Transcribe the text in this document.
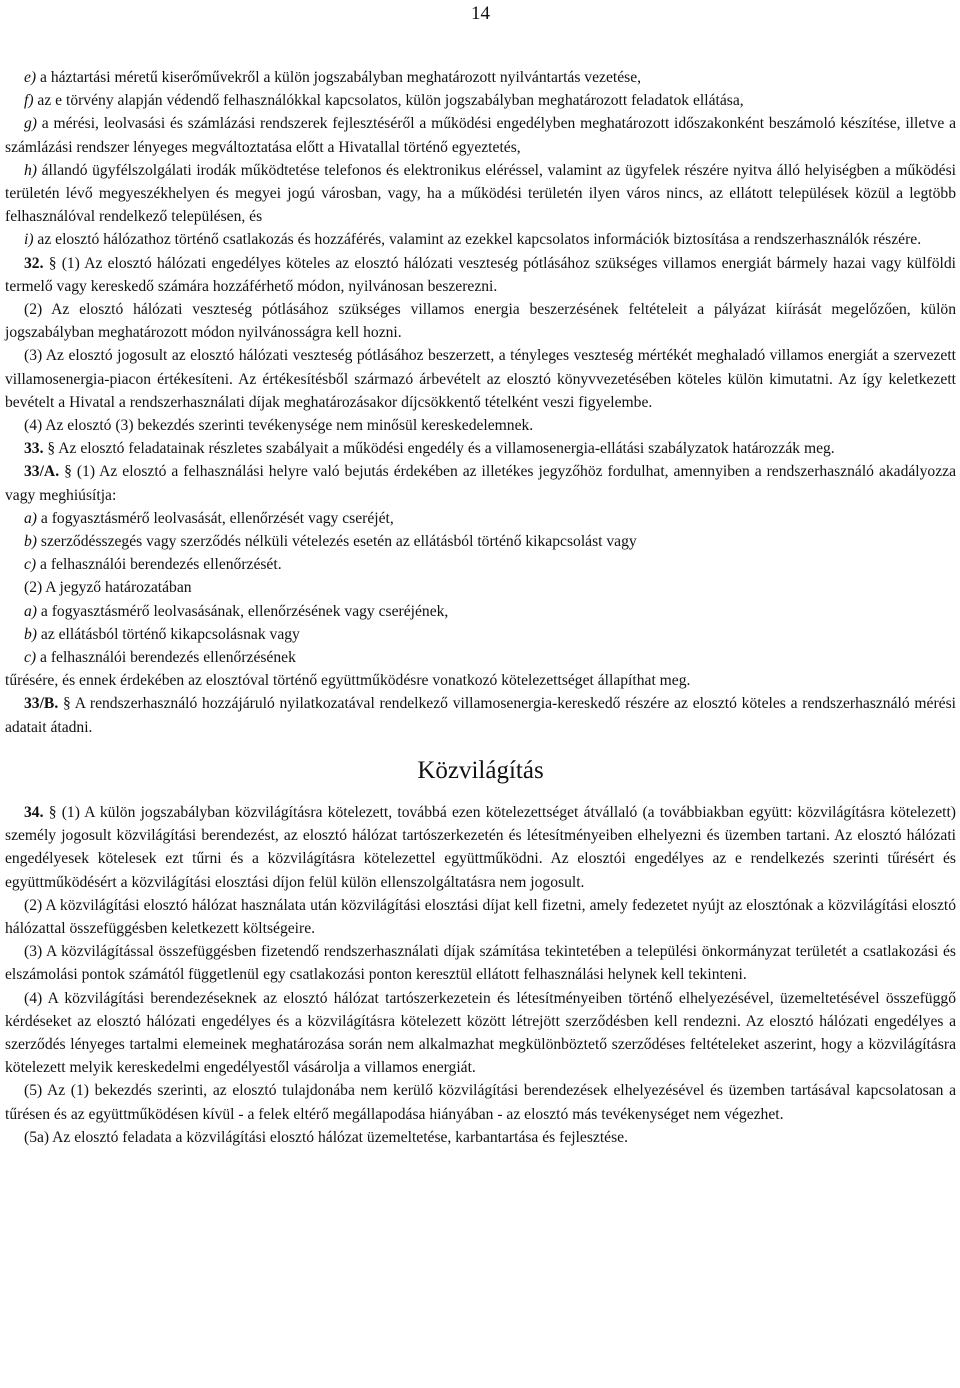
14

e) a háztartási méretű kiserőművekről a külön jogszabályban meghatározott nyilvántartás vezetése,

f) az e törvény alapján védendő felhasználókkal kapcsolatos, külön jogszabályban meghatározott feladatok ellátása,

g) a mérési, leolvasási és számlázási rendszerek fejlesztéséről a működési engedélyben meghatározott időszakonként beszámoló készítése, illetve a számlázási rendszer lényeges megváltoztatása előtt a Hivatallal történő egyeztetés,

h) állandó ügyfélszolgálati irodák működtetése telefonos és elektronikus eléréssel, valamint az ügyfelek részére nyitva álló helyiségben a működési területén lévő megyeszékhelyen és megyei jogú városban, vagy, ha a működési területén ilyen város nincs, az ellátott települések közül a legtöbb felhasználóval rendelkező településen, és

i) az elosztó hálózathoz történő csatlakozás és hozzáférés, valamint az ezekkel kapcsolatos információk biztosítása a rendszerhasználók részére.

32. § (1) Az elosztó hálózati engedélyes köteles az elosztó hálózati veszteség pótlásához szükséges villamos energiát bármely hazai vagy külföldi termelő vagy kereskedő számára hozzáférhető módon, nyilvánosan beszerezni.

(2) Az elosztó hálózati veszteség pótlásához szükséges villamos energia beszerzésének feltételeit a pályázat kiírását megelőzően, külön jogszabályban meghatározott módon nyilvánosságra kell hozni.

(3) Az elosztó jogosult az elosztó hálózati veszteség pótlásához beszerzett, a tényleges veszteség mértékét meghaladó villamos energiát a szervezett villamosenergia-piacon értékesíteni. Az értékesítésből származó árbevételt az elosztó könyvvezetésében köteles külön kimutatni. Az így keletkezett bevételt a Hivatal a rendszerhasználati díjak meghatározásakor díjcsökkentő tételként veszi figyelembe.

(4) Az elosztó (3) bekezdés szerinti tevékenysége nem minősül kereskedelemnek.

33. § Az elosztó feladatainak részletes szabályait a működési engedély és a villamosenergia-ellátási szabályzatok határozzák meg.

33/A. § (1) Az elosztó a felhasználási helyre való bejutás érdekében az illetékes jegyzőhöz fordulhat, amennyiben a rendszerhasználó akadályozza vagy meghiúsítja:

a) a fogyasztásmérő leolvasását, ellenőrzését vagy cseréjét,

b) szerződésszegés vagy szerződés nélküli vételezés esetén az ellátásból történő kikapcsolást vagy

c) a felhasználói berendezés ellenőrzését.

(2) A jegyző határozatában

a) a fogyasztásmérő leolvasásának, ellenőrzésének vagy cseréjének,

b) az ellátásból történő kikapcsolásnak vagy

c) a felhasználói berendezés ellenőrzésének

tűrésére, és ennek érdekében az elosztóval történő együttműködésre vonatkozó kötelezettséget állapíthat meg.

33/B. § A rendszerhasználó hozzájáruló nyilatkozatával rendelkező villamosenergia-kereskedő részére az elosztó köteles a rendszerhasználó mérési adatait átadni.

Közvilágítás

34. § (1) A külön jogszabályban közvilágításra kötelezett, továbbá ezen kötelezettséget átvállaló (a továbbiakban együtt: közvilágításra kötelezett) személy jogosult közvilágítási berendezést, az elosztó hálózat tartószerkezetén és létesítményeiben elhelyezni és üzemben tartani. Az elosztó hálózati engedélyesek kötelesek ezt tűrni és a közvilágításra kötelezettel együttműködni. Az elosztói engedélyes az e rendelkezés szerinti tűrésért és együttműködésért a közvilágítási elosztási díjon felül külön ellenszolgáltatásra nem jogosult.

(2) A közvilágítási elosztó hálózat használata után közvilágítási elosztási díjat kell fizetni, amely fedezetet nyújt az elosztónak a közvilágítási elosztó hálózattal összefüggésben keletkezett költségeire.

(3) A közvilágítással összefüggésben fizetendő rendszerhasználati díjak számítása tekintetében a települési önkormányzat területét a csatlakozási és elszámolási pontok számától függetlenül egy csatlakozási ponton keresztül ellátott felhasználási helynek kell tekinteni.

(4) A közvilágítási berendezéseknek az elosztó hálózat tartószerkezetein és létesítményeiben történő elhelyezésével, üzemeltetésével összefüggő kérdéseket az elosztó hálózati engedélyes és a közvilágításra kötelezett között létrejött szerződésben kell rendezni. Az elosztó hálózati engedélyes a szerződés lényeges tartalmi elemeinek meghatározása során nem alkalmazhat megkülönböztető szerződéses feltételeket aszerint, hogy a közvilágításra kötelezett melyik kereskedelmi engedélyestől vásárolja a villamos energiát.

(5) Az (1) bekezdés szerinti, az elosztó tulajdonába nem kerülő közvilágítási berendezések elhelyezésével és üzemben tartásával kapcsolatosan a tűrésen és az együttműködésen kívül - a felek eltérő megállapodása hiányában - az elosztó más tevékenységet nem végezhet.

(5a) Az elosztó feladata a közvilágítási elosztó hálózat üzemeltetése, karbantartása és fejlesztése.
